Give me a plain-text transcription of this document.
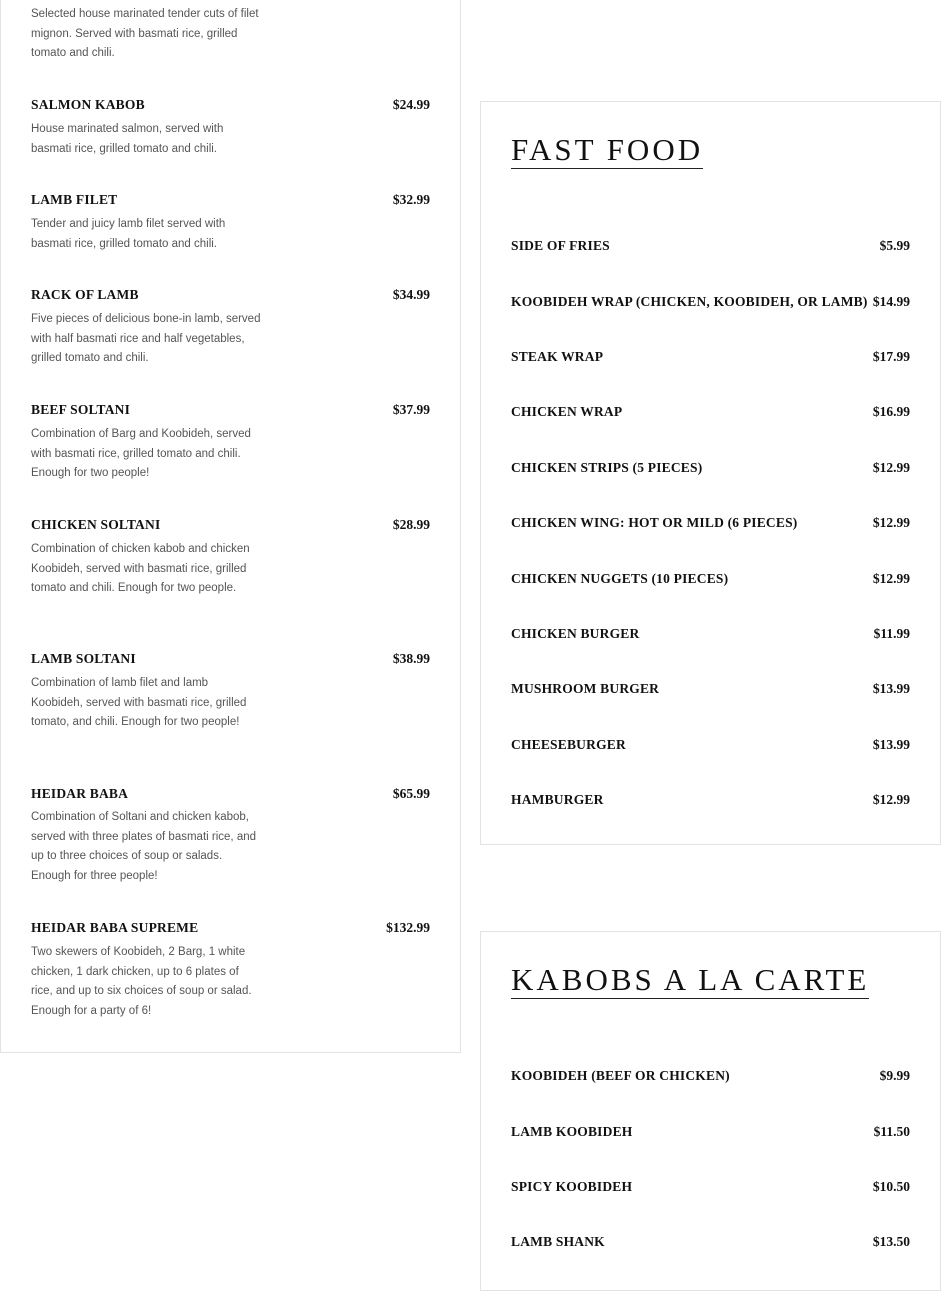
Selected house marinated tender cuts of filet mignon. Served with basmati rice, grilled tomato and chili.
SALMON KABOB	$24.99
House marinated salmon, served with basmati rice, grilled tomato and chili.
LAMB FILET	$32.99
Tender and juicy lamb filet served with basmati rice, grilled tomato and chili.
RACK OF LAMB	$34.99
Five pieces of delicious bone-in lamb, served with half basmati rice and half vegetables, grilled tomato and chili.
BEEF SOLTANI	$37.99
Combination of Barg and Koobideh, served with basmati rice, grilled tomato and chili. Enough for two people!
CHICKEN SOLTANI	$28.99
Combination of chicken kabob and chicken Koobideh, served with basmati rice, grilled tomato and chili. Enough for two people.
LAMB SOLTANI	$38.99
Combination of lamb filet and lamb Koobideh, served with basmati rice, grilled tomato, and chili. Enough for two people!
HEIDAR BABA	$65.99
Combination of Soltani and chicken kabob, served with three plates of basmati rice, and up to three choices of soup or salads. Enough for three people!
HEIDAR BABA SUPREME	$132.99
Two skewers of Koobideh, 2 Barg, 1 white chicken, 1 dark chicken, up to 6 plates of rice, and up to six choices of soup or salad. Enough for a party of 6!
FAST FOOD
SIDE OF FRIES	$5.99
KOOBIDEH WRAP (CHICKEN, KOOBIDEH, OR LAMB) $14.99
STEAK WRAP	$17.99
CHICKEN WRAP	$16.99
CHICKEN STRIPS (5 PIECES)	$12.99
CHICKEN WING: HOT OR MILD (6 PIECES)	$12.99
CHICKEN NUGGETS (10 PIECES)	$12.99
CHICKEN BURGER	$11.99
MUSHROOM BURGER	$13.99
CHEESEBURGER	$13.99
HAMBURGER	$12.99
KABOBS A LA CARTE
KOOBIDEH (BEEF OR CHICKEN)	$9.99
LAMB KOOBIDEH	$11.50
SPICY KOOBIDEH	$10.50
LAMB SHANK	$13.50
